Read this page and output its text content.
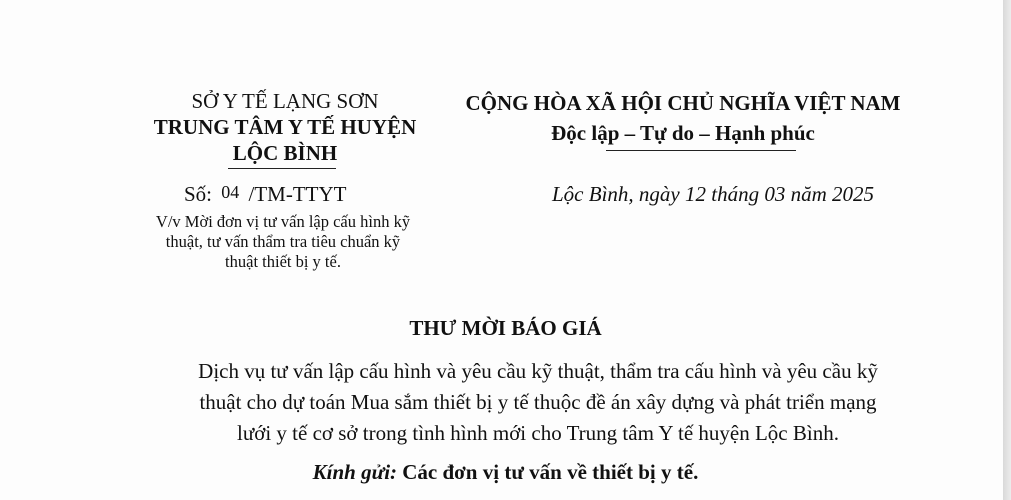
SỞ Y TẾ LẠNG SƠN
TRUNG TÂM Y TẾ HUYỆN
LỘC BÌNH
CỘNG HÒA XÃ HỘI CHỦ NGHĨA VIỆT NAM
Độc lập – Tự do – Hạnh phúc
Số: 04 /TM-TTYT	Lộc Bình, ngày 12 tháng 03 năm 2025
V/v Mời đơn vị tư vấn lập cấu hình kỹ
thuật, tư vấn thẩm tra tiêu chuẩn kỹ
thuật thiết bị y tế.
THƯ MỜI BÁO GIÁ
Dịch vụ tư vấn lập cấu hình và yêu cầu kỹ thuật, thẩm tra cấu hình và yêu cầu kỹ
thuật cho dự toán Mua sắm thiết bị y tế thuộc đề án xây dựng và phát triển mạng
lưới y tế cơ sở trong tình hình mới cho Trung tâm Y tế huyện Lộc Bình.
Kính gửi: Các đơn vị tư vấn về thiết bị y tế.
